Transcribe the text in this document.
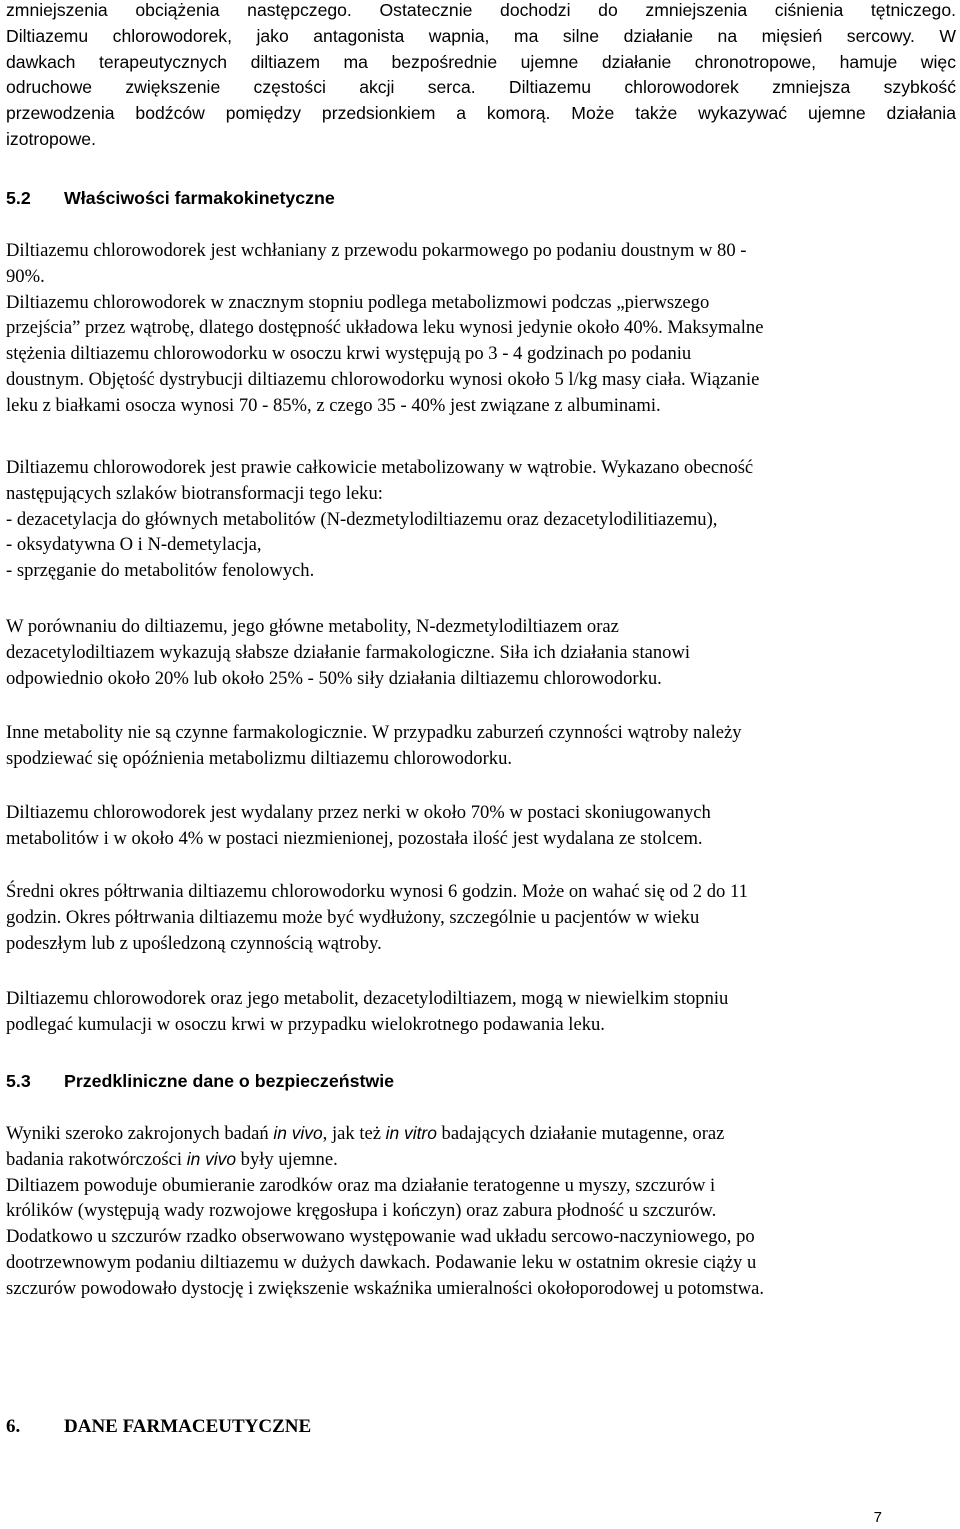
zmniejszenia obciążenia następczego. Ostatecznie dochodzi do zmniejszenia ciśnienia tętniczego.
Diltiazemu chlorowodorek, jako antagonista wapnia, ma silne działanie na mięsień sercowy. W
dawkach terapeutycznych diltiazem ma bezpośrednie ujemne działanie chronotropowe, hamuje więc
odruchowe zwiększenie częstości akcji serca. Diltiazemu chlorowodorek zmniejsza szybkość
przewodzenia bodźców pomiędzy przedsionkiem a komorą. Może także wykazywać ujemne działania
izotropowe.
5.2 Właściwości farmakokinetyczne
Diltiazemu chlorowodorek jest wchłaniany z przewodu pokarmowego po podaniu doustnym w 80 -
90%.
Diltiazemu chlorowodorek w znacznym stopniu podlega metabolizmowi podczas „pierwszego
przejścia” przez wątrobę, dlatego dostępność układowa leku wynosi jedynie około 40%. Maksymalne
stężenia diltiazemu chlorowodorku w osoczu krwi występują po 3 - 4 godzinach po podaniu
doustnym. Objętość dystrybucji diltiazemu chlorowodorku wynosi około 5 l/kg masy ciała. Wiązanie
leku z białkami osocza wynosi 70 - 85%, z czego 35 - 40% jest związane z albuminami.
Diltiazemu chlorowodorek jest prawie całkowicie metabolizowany w wątrobie. Wykazano obecność
następujących szlaków biotransformacji tego leku:
- dezacetylacja do głównych metabolitów (N-dezmetylodiltiazemu oraz dezacetylodilitiazemu),
- oksydatywna O i N-demetylacja,
- sprzęganie do metabolitów fenolowych.
W porównaniu do diltiazemu, jego główne metabolity, N-dezmetylodiltiazem oraz
dezacetylodiltiazem wykazują słabsze działanie farmakologiczne. Siła ich działania stanowi
odpowiednio około 20% lub około 25% - 50% siły działania diltiazemu chlorowodorku.
Inne metabolity nie są czynne farmakologicznie. W przypadku zaburzeń czynności wątroby należy
spodziewać się opóźnienia metabolizmu diltiazemu chlorowodorku.
Diltiazemu chlorowodorek jest wydalany przez nerki w około 70% w postaci skoniugowanych
metabolitów i w około 4% w postaci niezmienionej, pozostała ilość jest wydalana ze stolcem.
Średni okres półtrwania diltiazemu chlorowodorku wynosi 6 godzin. Może on wahać się od 2 do 11
godzin. Okres półtrwania diltiazemu może być wydłużony, szczególnie u pacjentów w wieku
podeszłym lub z upośledzoną czynnością wątroby.
Diltiazemu chlorowodorek oraz jego metabolit, dezacetylodiltiazem, mogą w niewielkim stopniu
podlegać kumulacji w osoczu krwi w przypadku wielokrotnego podawania leku.
5.3 Przedkliniczne dane o bezpieczeństwie
Wyniki szeroko zakrojonych badań in vivo, jak też in vitro badających działanie mutagenne, oraz
badania rakotwórczości in vivo były ujemne.
Diltiazem powoduje obumieranie zarodków oraz ma działanie teratogenne u myszy, szczurów i
królików (występują wady rozwojowe kręgosłupa i kończyn) oraz zabura płodność u szczurów.
Dodatkowo u szczurów rzadko obserwowano występowanie wad układu sercowo-naczyniowego, po
dootrzewnowym podaniu diltiazemu w dużych dawkach. Podawanie leku w ostatnim okresie ciąży u
szczurów powodowało dystocję i zwiększenie wskaźnika umieralności okołoporodowej u potomstwa.
6. DANE FARMACEUTYCZNE
7
